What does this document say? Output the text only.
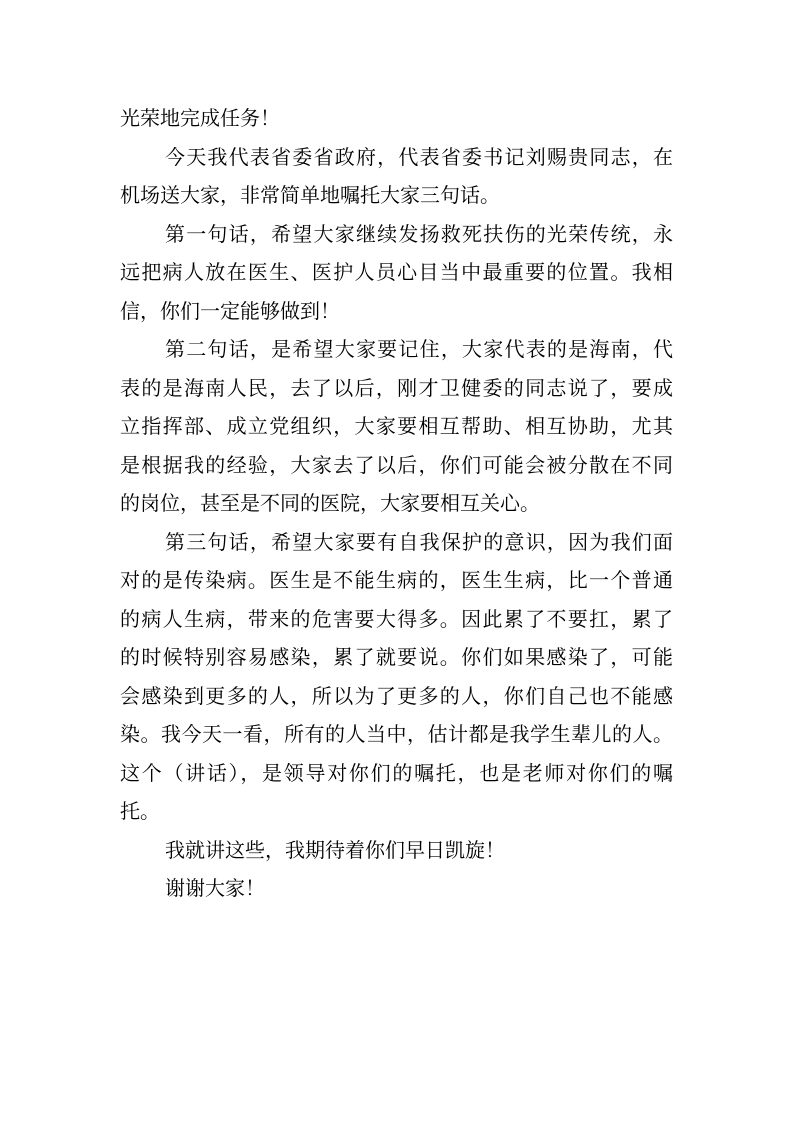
光荣地完成任务！
今天我代表省委省政府，代表省委书记刘赐贵同志，在
机场送大家，非常简单地嘱托大家三句话。
第一句话，希望大家继续发扬救死扶伤的光荣传统，永
远把病人放在医生、医护人员心目当中最重要的位置。我相
信，你们一定能够做到！
第二句话，是希望大家要记住，大家代表的是海南，代
表的是海南人民，去了以后，刚才卫健委的同志说了，要成
立指挥部、成立党组织，大家要相互帮助、相互协助，尤其
是根据我的经验，大家去了以后，你们可能会被分散在不同
的岗位，甚至是不同的医院，大家要相互关心。
第三句话，希望大家要有自我保护的意识，因为我们面
对的是传染病。医生是不能生病的，医生生病，比一个普通
的病人生病，带来的危害要大得多。因此累了不要扛，累了
的时候特别容易感染，累了就要说。你们如果感染了，可能
会感染到更多的人，所以为了更多的人，你们自己也不能感
染。我今天一看，所有的人当中，估计都是我学生辈儿的人。
这个（讲话），是领导对你们的嘱托，也是老师对你们的嘱
托。
我就讲这些，我期待着你们早日凯旋！
谢谢大家！
